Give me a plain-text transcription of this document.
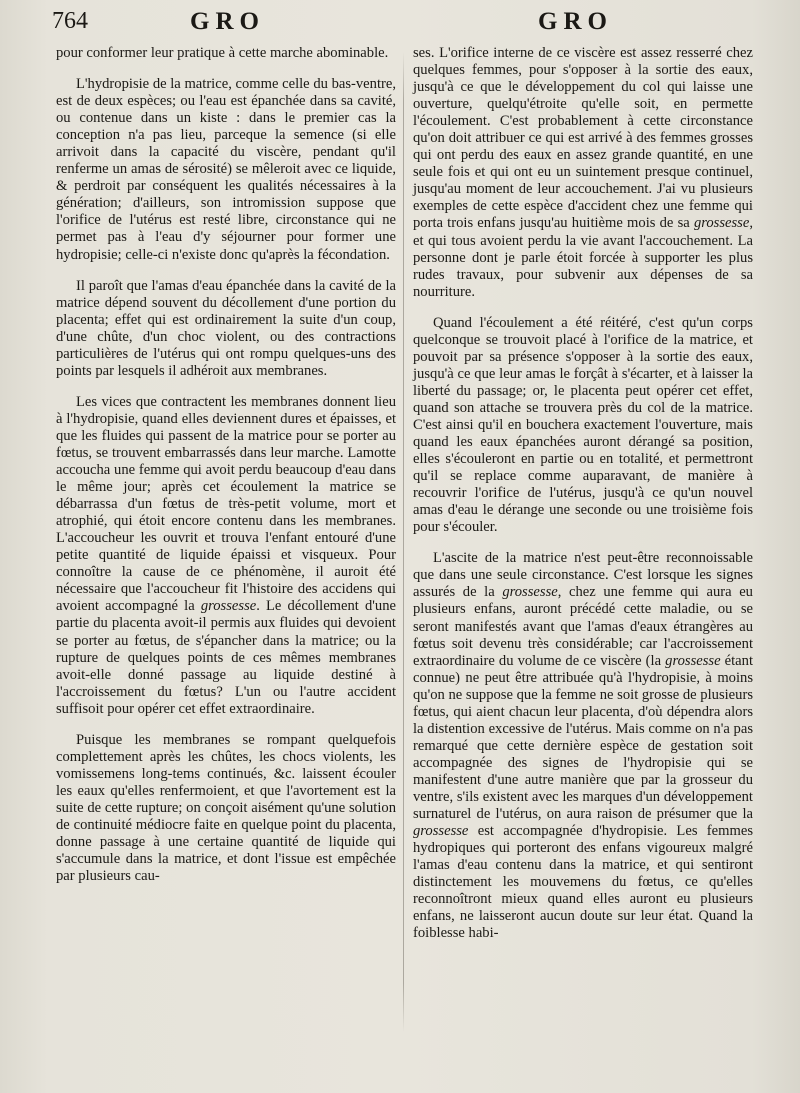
764	GRO	GRO

pour conformer leur pratique à cette marche abominable.

L'hydropisie de la matrice, comme celle du bas-ventre, est de deux espèces; ou l'eau est épanchée dans sa cavité, ou contenue dans un kiste : dans le premier cas la conception n'a pas lieu, parceque la semence (si elle arrivoit dans la capacité du viscère, pendant qu'il renferme un amas de sérosité) se mêleroit avec ce liquide, & perdroit par conséquent les qualités nécessaires à la génération; d'ailleurs, son intromission suppose que l'orifice de l'utérus est resté libre, circonstance qui ne permet pas à l'eau d'y séjourner pour former une hydropisie; celle-ci n'existe donc qu'après la fécondation.

Il paroît que l'amas d'eau épanchée dans la cavité de la matrice dépend souvent du décollement d'une portion du placenta; effet qui est ordinairement la suite d'un coup, d'une chûte, d'un choc violent, ou des contractions particulières de l'utérus qui ont rompu quelques-uns des points par lesquels il adhéroit aux membranes.

Les vices que contractent les membranes donnent lieu à l'hydropisie, quand elles deviennent dures et épaisses, et que les fluides qui passent de la matrice pour se porter au fœtus, se trouvent embarrassés dans leur marche. Lamotte accoucha une femme qui avoit perdu beaucoup d'eau dans le même jour; après cet écoulement la matrice se débarrassa d'un fœtus de très-petit volume, mort et atrophié, qui étoit encore contenu dans les membranes. L'accoucheur les ouvrit et trouva l'enfant entouré d'une petite quantité de liquide épaissi et visqueux. Pour connoître la cause de ce phénomène, il auroit été nécessaire que l'accoucheur fit l'histoire des accidens qui avoient accompagné la grossesse. Le décollement d'une partie du placenta avoit-il permis aux fluides qui devoient se porter au fœtus, de s'épancher dans la matrice; ou la rupture de quelques points de ces mêmes membranes avoit-elle donné passage au liquide destiné à l'accroissement du fœtus? L'un ou l'autre accident suffisoit pour opérer cet effet extraordinaire.

Puisque les membranes se rompant quelquefois complettement après les chûtes, les chocs violents, les vomissemens long-tems continués, &c. laissent écouler les eaux qu'elles renfermoient, et que l'avortement est la suite de cette rupture; on conçoit aisément qu'une solution de continuité médiocre faite en quelque point du placenta, donne passage à une certaine quantité de liquide qui s'accumule dans la matrice, et dont l'issue est empêchée par plusieurs cau-

ses. L'orifice interne de ce viscère est assez resserré chez quelques femmes, pour s'opposer à la sortie des eaux, jusqu'à ce que le développement du col qui laisse une ouverture, quelqu'étroite qu'elle soit, en permette l'écoulement. C'est probablement à cette circonstance qu'on doit attribuer ce qui est arrivé à des femmes grosses qui ont perdu des eaux en assez grande quantité, en une seule fois et qui ont eu un suintement presque continuel, jusqu'au moment de leur accouchement. J'ai vu plusieurs exemples de cette espèce d'accident chez une femme qui porta trois enfans jusqu'au huitième mois de sa grossesse, et qui tous avoient perdu la vie avant l'accouchement. La personne dont je parle étoit forcée à supporter les plus rudes travaux, pour subvenir aux dépenses de sa nourriture.

Quand l'écoulement a été réitéré, c'est qu'un corps quelconque se trouvoit placé à l'orifice de la matrice, et pouvoit par sa présence s'opposer à la sortie des eaux, jusqu'à ce que leur amas le forçât à s'écarter, et à laisser la liberté du passage; or, le placenta peut opérer cet effet, quand son attache se trouvera près du col de la matrice. C'est ainsi qu'il en bouchera exactement l'ouverture, mais quand les eaux épanchées auront dérangé sa position, elles s'écouleront en partie ou en totalité, et permettront qu'il se replace comme auparavant, de manière à recouvrir l'orifice de l'utérus, jusqu'à ce qu'un nouvel amas d'eau le dérange une seconde ou une troisième fois pour s'écouler.

L'ascite de la matrice n'est peut-être reconnoissable que dans une seule circonstance. C'est lorsque les signes assurés de la grossesse, chez une femme qui aura eu plusieurs enfans, auront précédé cette maladie, ou se seront manifestés avant que l'amas d'eaux étrangères au fœtus soit devenu très considérable; car l'accroissement extraordinaire du volume de ce viscère (la grossesse étant connue) ne peut être attribuée qu'à l'hydropisie, à moins qu'on ne suppose que la femme ne soit grosse de plusieurs fœtus, qui aient chacun leur placenta, d'où dépendra alors la distention excessive de l'utérus. Mais comme on n'a pas remarqué que cette dernière espèce de gestation soit accompagnée des signes de l'hydropisie qui se manifestent d'une autre manière que par la grosseur du ventre, s'ils existent avec les marques d'un développement surnaturel de l'utérus, on aura raison de présumer que la grossesse est accompagnée d'hydropisie. Les femmes hydropiques qui porteront des enfans vigoureux malgré l'amas d'eau contenu dans la matrice, et qui sentiront distinctement les mouvemens du fœtus, ce qu'elles reconnoîtront mieux quand elles auront eu plusieurs enfans, ne laisseront aucun doute sur leur état. Quand la foiblesse habi-
